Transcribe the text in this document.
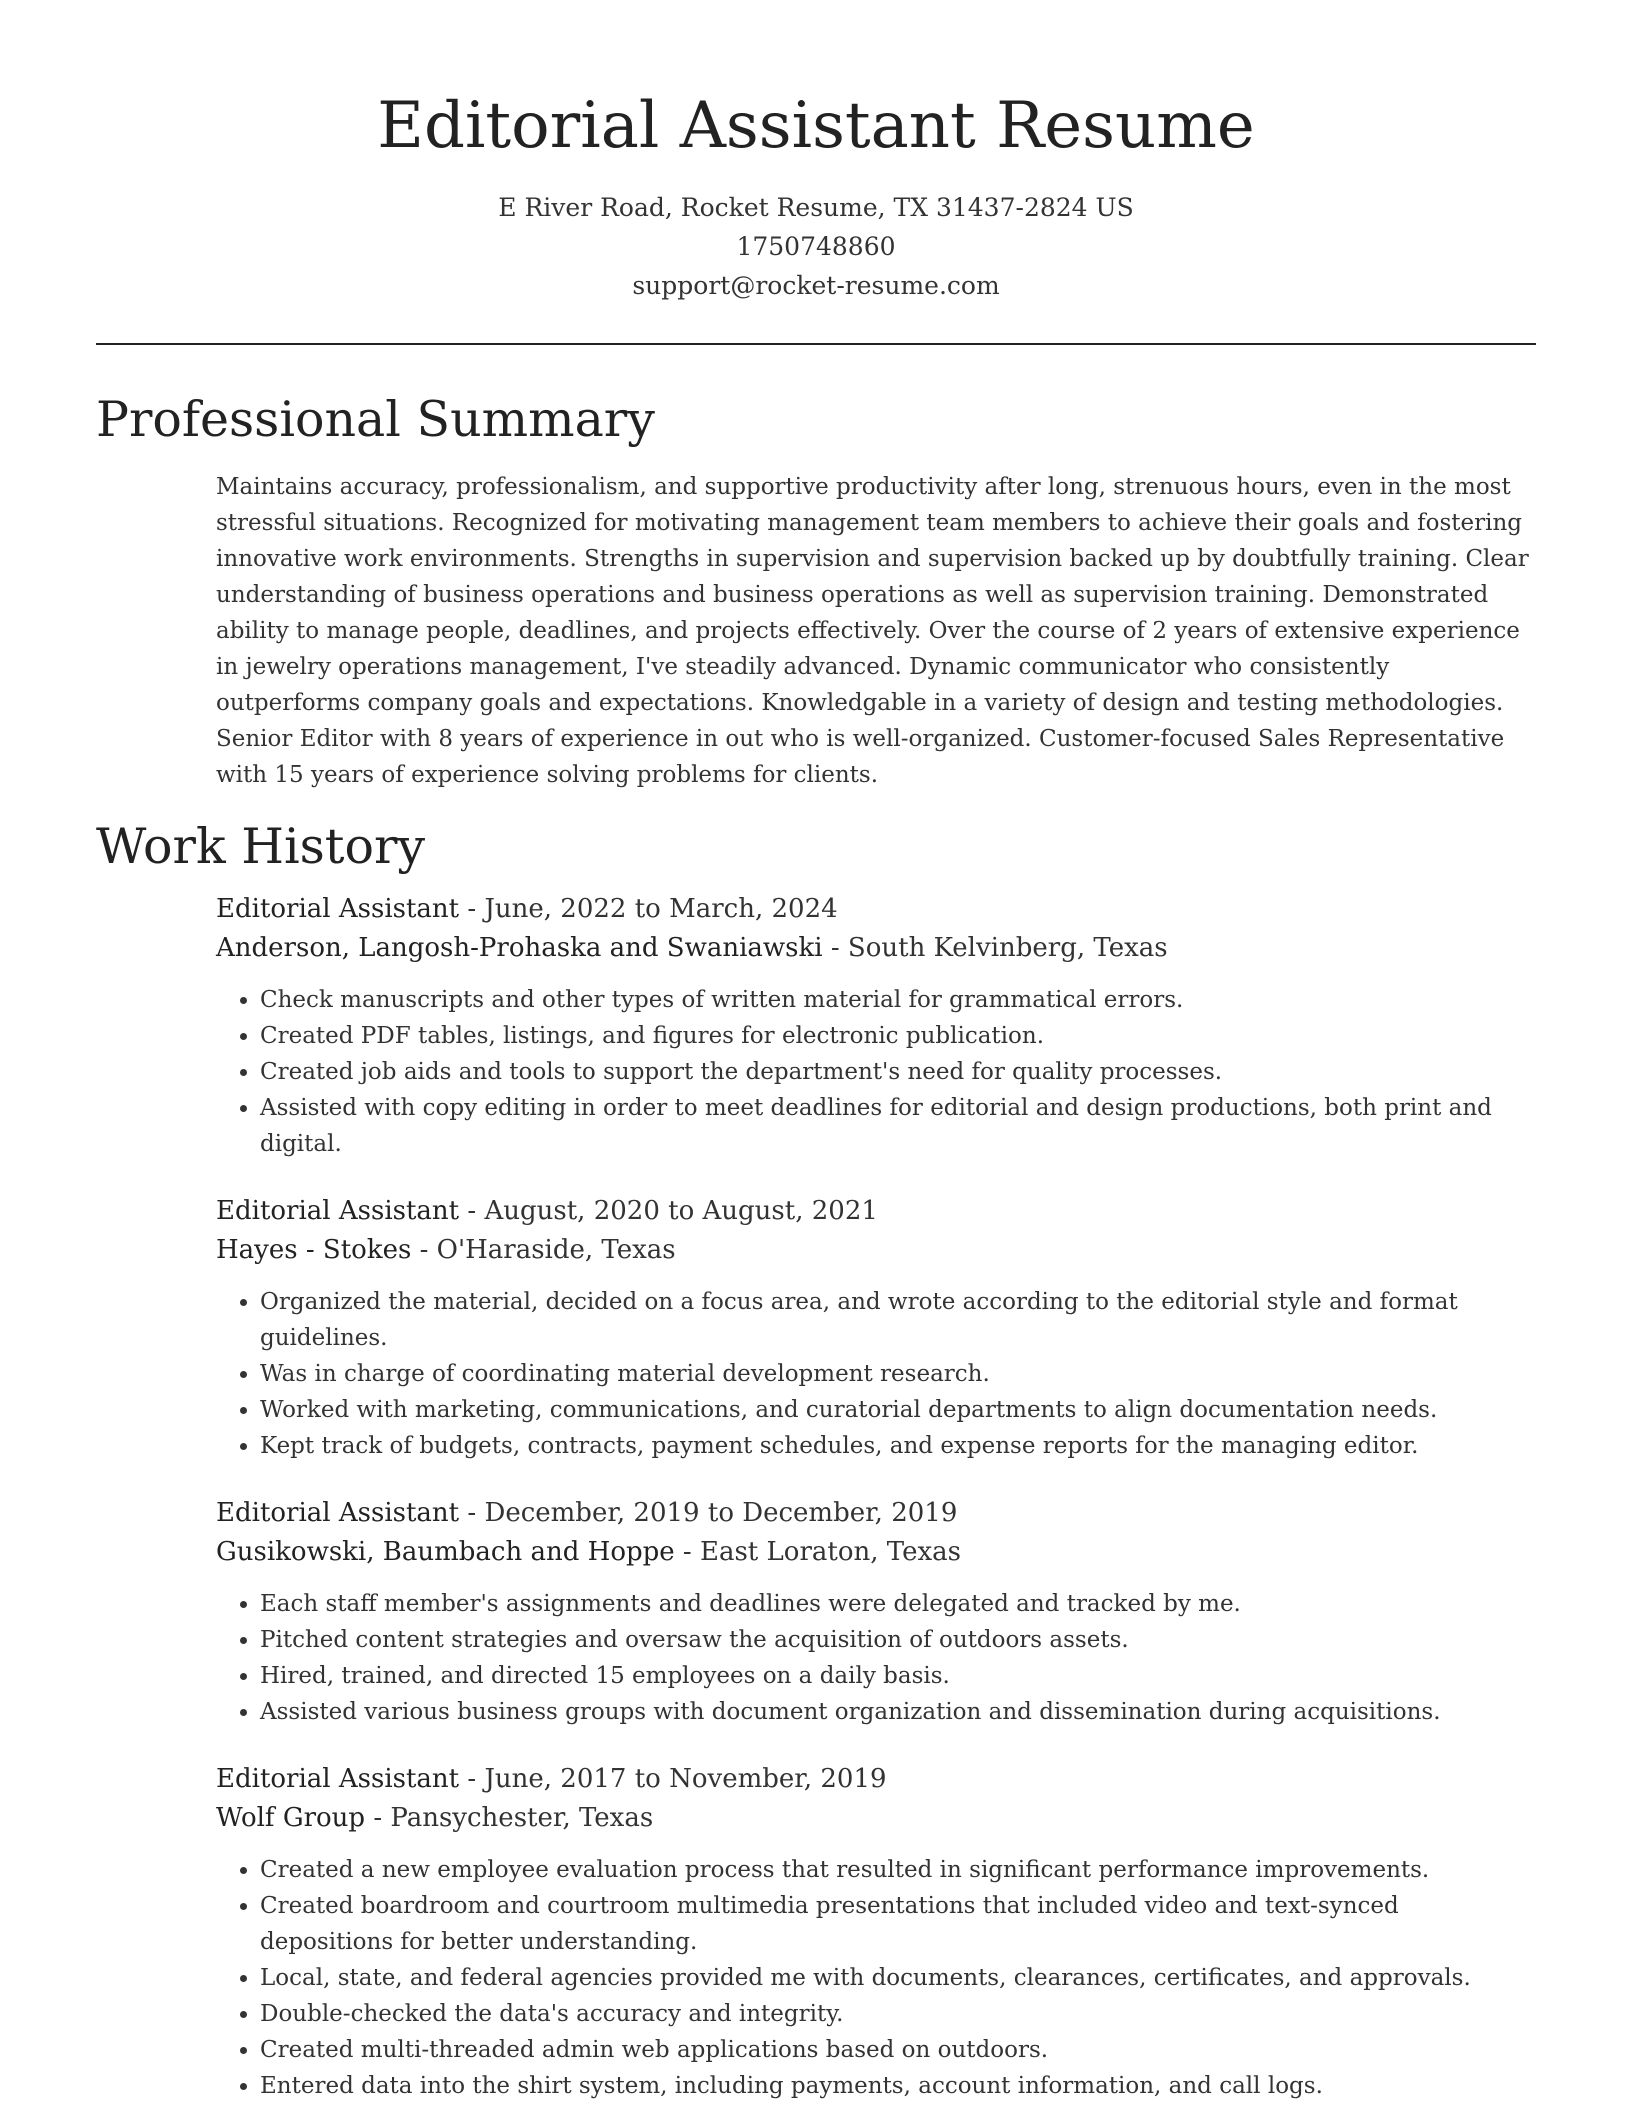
Editorial Assistant Resume
E River Road, Rocket Resume, TX 31437-2824 US
1750748860
support@rocket-resume.com
Professional Summary

Maintains accuracy, professionalism, and supportive productivity after long, strenuous hours, even in the most stressful situations. Recognized for motivating management team members to achieve their goals and fostering innovative work environments. Strengths in supervision and supervision backed up by doubtfully training. Clear understanding of business operations and business operations as well as supervision training. Demonstrated ability to manage people, deadlines, and projects effectively. Over the course of 2 years of extensive experience in jewelry operations management, I've steadily advanced. Dynamic communicator who consistently outperforms company goals and expectations. Knowledgable in a variety of design and testing methodologies. Senior Editor with 8 years of experience in out who is well-organized. Customer-focused Sales Representative with 15 years of experience solving problems for clients.

Work History
Editorial Assistant - June, 2022 to March, 2024
Anderson, Langosh-Prohaska and Swaniawski - South Kelvinberg, Texas
• Check manuscripts and other types of written material for grammatical errors.
• Created PDF tables, listings, and figures for electronic publication.
• Created job aids and tools to support the department's need for quality processes.
• Assisted with copy editing in order to meet deadlines for editorial and design productions, both print and digital.
Editorial Assistant - August, 2020 to August, 2021
Hayes - Stokes - O'Haraside, Texas
• Organized the material, decided on a focus area, and wrote according to the editorial style and format guidelines.
• Was in charge of coordinating material development research.
• Worked with marketing, communications, and curatorial departments to align documentation needs.
• Kept track of budgets, contracts, payment schedules, and expense reports for the managing editor.
Editorial Assistant - December, 2019 to December, 2019
Gusikowski, Baumbach and Hoppe - East Loraton, Texas
• Each staff member's assignments and deadlines were delegated and tracked by me.
• Pitched content strategies and oversaw the acquisition of outdoors assets.
• Hired, trained, and directed 15 employees on a daily basis.
• Assisted various business groups with document organization and dissemination during acquisitions.
Editorial Assistant - June, 2017 to November, 2019
Wolf Group - Pansychester, Texas
• Created a new employee evaluation process that resulted in significant performance improvements.
• Created boardroom and courtroom multimedia presentations that included video and text-synced depositions for better understanding.
• Local, state, and federal agencies provided me with documents, clearances, certificates, and approvals.
• Double-checked the data's accuracy and integrity.
• Created multi-threaded admin web applications based on outdoors.
• Entered data into the shirt system, including payments, account information, and call logs.
